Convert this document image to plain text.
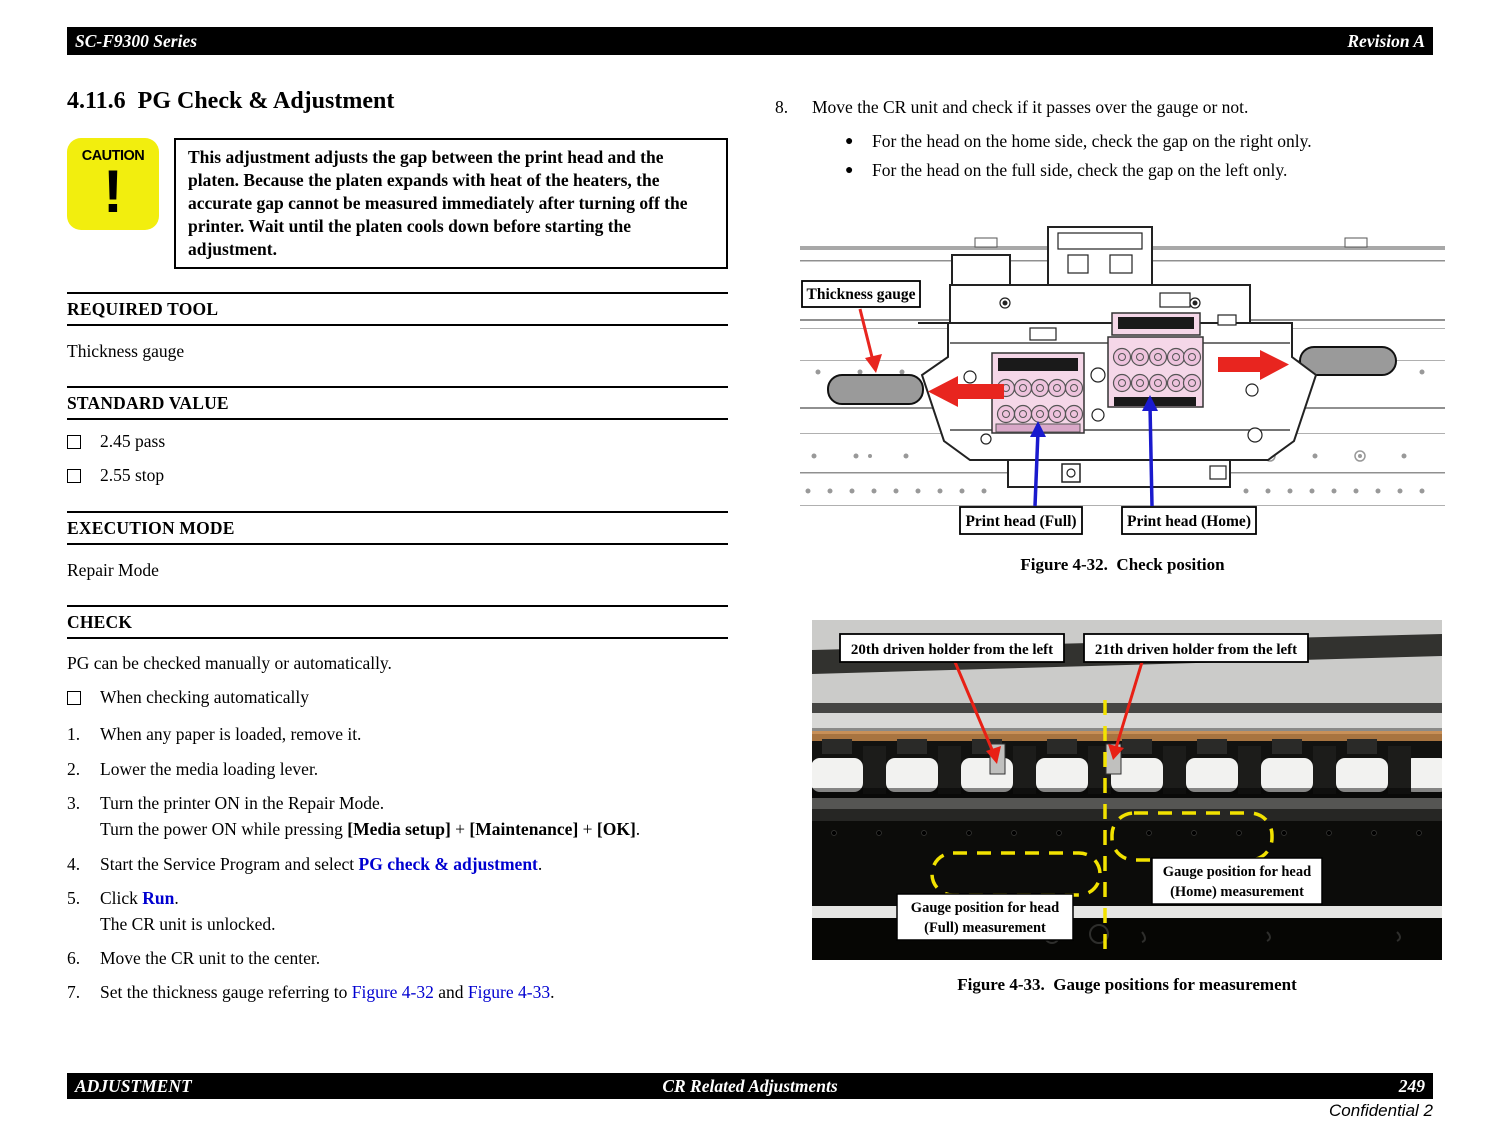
SC-F9300 Series	Revision A
4.11.6  PG Check & Adjustment
CAUTION
!
This adjustment adjusts the gap between the print head and the platen. Because the platen expands with heat of the heaters, the accurate gap cannot be measured immediately after turning off the printer. Wait until the platen cools down before starting the adjustment.
REQUIRED TOOL
Thickness gauge
STANDARD VALUE
2.45 pass
2.55 stop
EXECUTION MODE
Repair Mode
CHECK
PG can be checked manually or automatically.
When checking automatically
1.	When any paper is loaded, remove it.
2.	Lower the media loading lever.
3.	Turn the printer ON in the Repair Mode.
Turn the power ON while pressing [Media setup] + [Maintenance] + [OK].
4.	Start the Service Program and select PG check & adjustment.
5.	Click Run.
The CR unit is unlocked.
6.	Move the CR unit to the center.
7.	Set the thickness gauge referring to Figure 4-32 and Figure 4-33.
8.	Move the CR unit and check if it passes over the gauge or not.
●	For the head on the home side, check the gap on the right only.
●	For the head on the full side, check the gap on the left only.
Thickness gauge
Print head (Full)	Print head (Home)
Figure 4-32.  Check position
20th driven holder from the left	21th driven holder from the left
Gauge position for head
(Home) measurement
Gauge position for head
(Full) measurement
Figure 4-33.  Gauge positions for measurement
ADJUSTMENT	CR Related Adjustments	249
Confidential 2
